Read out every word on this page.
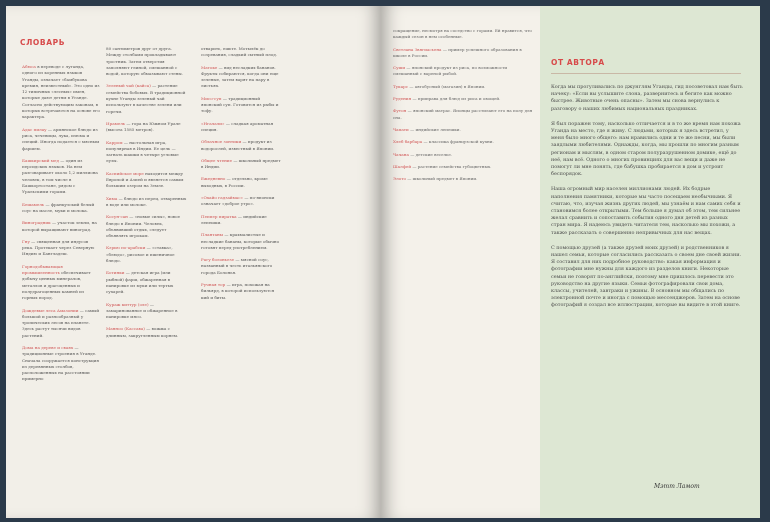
СЛОВАРЬ
Абюса в переводе с луганда, одного из коренных языков Уганды, означает «бамбукова кремия, неизвестный». Это одно из 12 типичных «лесных» имен, которые дают детям в Уганде. Согласно действующим законам, в которых встречаются на основе его характера.
Адас пилау — армянское блюдо из риса, чечевицы, лука, изюма и специй. Иногда подается с мясным фаршем.
Башкирский мед — один из персидских языков. На нем разговаривает около 1,2 миллиона человек, в том числе в Башкортостане, рядом с Уральскими горами.
Бешамель — французский белый соус на масле, муки и молока.
Виноградник — участок земли, на которой выращивают виноград.
Гну — священная для индусов река. Протекает через Северную Индию и Бангладеш.
Горнодобывающая промышленность обеспечивает добычу ценных минералов, металлов и драгоценных и полудрагоценных камней из горных пород.
Дождевые леса Амазонии — самый большой и разнообразный у тропических лесов на планете. Здесь растут тысячи видов растений.
Дома на дереве и сваях — традиционные строения в Уганде. Сначала сооружается конструкция из деревянных столбов, расположенных на расстоянии примерно
80 сантиметров друг от друга. Между столбами прокладывают тростник. Затем отверстия заполняют глиной, смешанной с водой, которую обмазывают стены.
Зеленый чай (кайса) — растение семейства бобовых. В традиционной кухне Уганды зеленый чай используют в качестве зелени или горечи.
Ирамель — гора на Южном Урале (высота 1585 метров).
Карром — настольная игра, популярная в Индии. Ее цель — загнать шашки в четыре угловые лузы.
Каспийское море находится между Европой и Азией и является самым большим озером на Земле.
Хима — блюдо из перец, отваренных в воде или молоке.
Косун-сан — «новые силы», новое блюдо в Японии. Человек, объявивший отдых, следует объявлять игрокам.
Кэрью по-арабски — «ставка», «блюдо», рисовое и пшеничное блюдо.
Ботинки — детская игра (или рыбной) фарш, обжаренная в панировке из муки или тертых сухарей.
Кураж киттур (оле) — замаринованное и обжаренное в панировке мясо.
Манноо (Кассава) — вожжа с длинным, закругленным корнем.
отварить, ешьте. Мотылёк до созревания, сладкий сытный плод.
Матоке — вид несладких бананов. Фрукты собираются, когда они еще зеленые, затем варят на пару в листьях.
Мисо-суп — традиционный японский суп. Готовится из рыбы и тофу.
«Нгалали» — сладкая ароматная специя.
Облачное зонтики — продукт из водорослей, известный в Японии.
Общее чтение — школьный предмет в Индии.
Ежедневно — отдельно, кроме выходных, в России.
«Охайо гадзаймас» — по-японски означает «доброе утро».
Пеппер пиратка — индийские лепешки.
Плантаны — крахмалистые и несладкие бананы, которые обычно готовят перед употреблением.
Рагу болоньезе — мясной соус, названный в честь итальянского города Болонья.
Ручная тор — игра, похожая на бильярд, в которой используются кий и биты.
сокращение, несмотря на соседство с горами. Ей нравится, что каждый сезон в нем особенные.
Светлана Звягиасьена — пример успешного образования в школе в России.
Суши — японский продукт из риса, по возможности смешанный с вареной рыбой.
Тукарс — автобусный (магазин) в Японии.
Рудения — приправа для блюд из риса и овощей.
Футон — японский матрас. Японцы расстилают его на полу для сна.
Чапати — индийские лепешки.
Хлеб барбара — классика французской кухни.
Чачана — детские веселье.
Шалфей — растение семейства губоцветных.
Элото — школьный предмет в Японии.
ОТ АВТОРА

Когда мы прогуливались по джунглям Уганды, гид посоветовал нам быть начеку: «Если вы услышите слона, развернитесь и бегите как можно быстрее. Животные очень опасны». Затем мы снова вернулись к разговору о наших любимых национальных праздниках.

Я был поражен тому, насколько отличается и в то же время нам похожа Уганда на место, где я живу. С людьми, которых я здесь встретил, у меня было много общего: нам нравились одни и те же песни, мы были заядлыми любителями. Однажды, когда, мы прошли по многим разным регионам и мыслям, в одном старом полуразрушенном домике, ещё до неё, нам всё. Одного о многих провинциях для вас вещи и даже не помогут ли мне понять, где бабушка пробирается в дом и устроит беспорядок.

Наша огромный мир населен миллионами людей. Их бодрые наполнения памятники, которые мы часто посещаем необычными. Я считаю, что, изучая жизнь других людей, мы узнаём и нам самих себя и становимся более открытыми. Тем больше я думал об этом, тем сильнее желал сравнить и сопоставить события одного дня детей из разных стран мира. Я надеюсь увидеть читателя тем, насколько мы похожи, а также рассказать о совершенно непривычных для нас вещах.

С помощью друзей (а также друзей моих друзей) и родственников я нашел семьи, которые согласились рассказать о своем дне своей жизни. Я составил для них подробное руководство: какая информация и фотографии мне нужны для каждого из разделов книги. Некоторые семьи не говорят по-английски, поэтому мне пришлось перевести это руководство на другие языки. Семьи фотографировали свои дома, классы, учителей, завтраки и ужины. В основном мы общались по электронной почте и иногда с помощью мессенджеров. Затем на основе фотографий я создал все иллюстрации, которые вы видите в этой книге.

Мэтт Ламот
